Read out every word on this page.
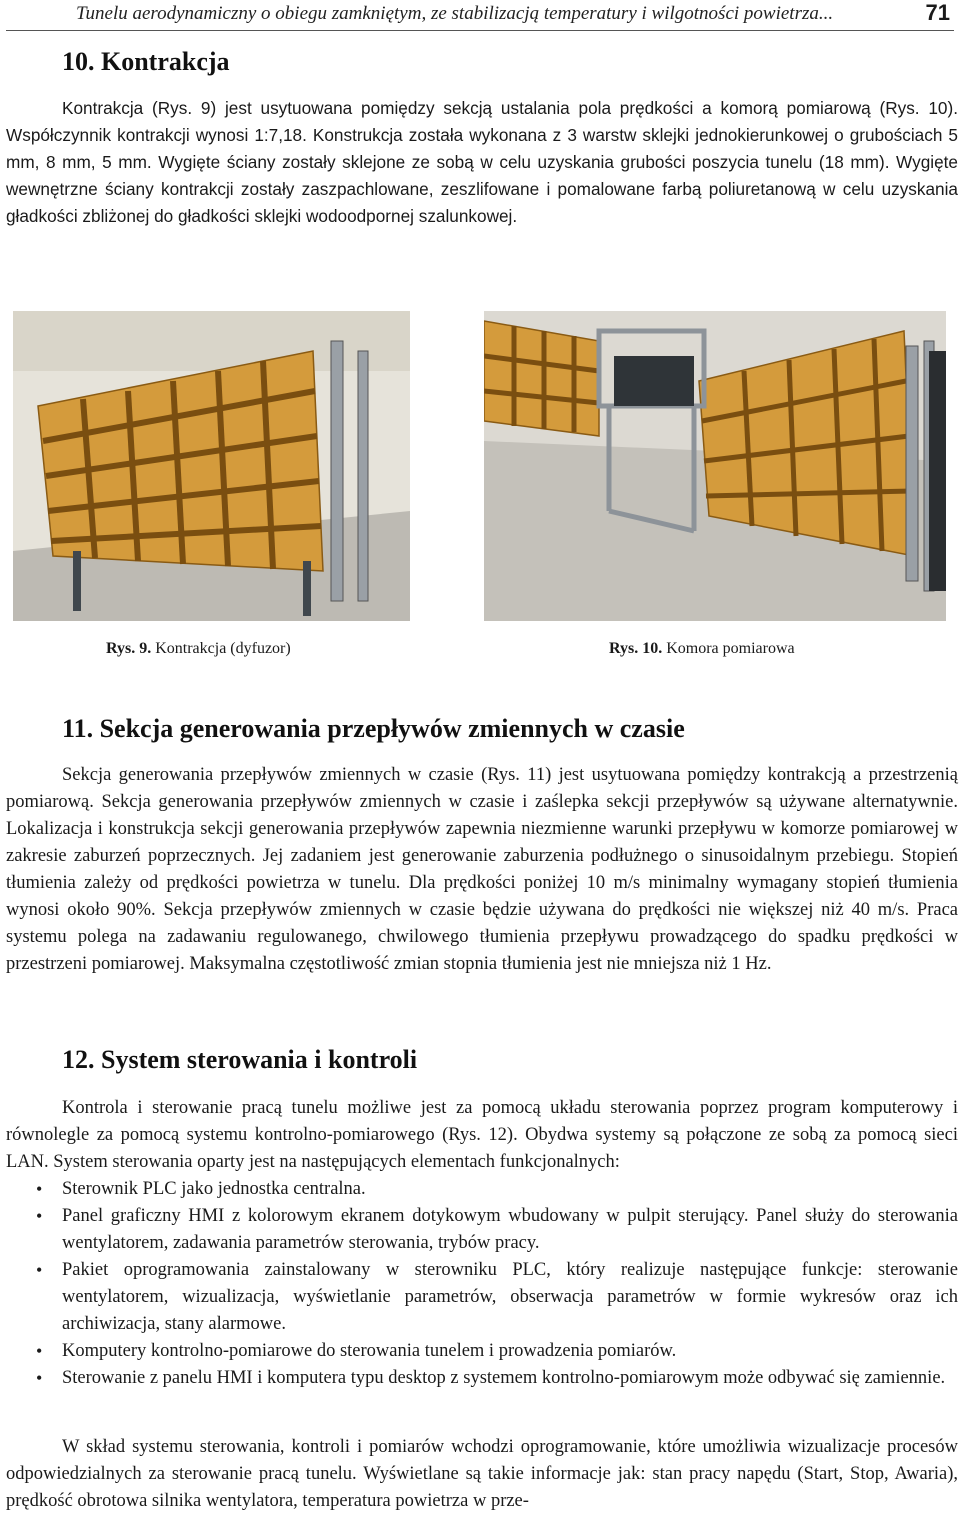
Tunelu aerodynamiczny o obiegu zamkniętym, ze stabilizacją temperatury i wilgotności powietrza...	71
10. Kontrakcja

Kontrakcja (Rys. 9) jest usytuowana pomiędzy sekcją ustalania pola prędkości a komorą pomiarową (Rys. 10). Współczynnik kontrakcji wynosi 1:7,18. Konstrukcja została wykonana z 3 warstw sklejki jednokierunkowej o grubościach 5 mm, 8 mm, 5 mm. Wygięte ściany zostały sklejone ze sobą w celu uzyskania grubości poszycia tunelu (18 mm). Wygięte wewnętrzne ściany kontrakcji zostały zaszpachlowane, zeszlifowane i pomalowane farbą poliuretanową w celu uzyskania gładkości zbliżonej do gładkości sklejki wodoodpornej szalunkowej.

Rys. 9. Kontrakcja (dyfuzor)	Rys. 10. Komora pomiarowa
11. Sekcja generowania przepływów zmiennych w czasie

Sekcja generowania przepływów zmiennych w czasie (Rys. 11) jest usytuowana pomiędzy kontrakcją a przestrzenią pomiarową. Sekcja generowania przepływów zmiennych w czasie i zaślepka sekcji przepływów są używane alternatywnie. Lokalizacja i konstrukcja sekcji generowania przepływów zapewnia niezmienne warunki przepływu w komorze pomiarowej w zakresie zaburzeń poprzecznych. Jej zadaniem jest generowanie zaburzenia podłużnego o sinusoidalnym przebiegu. Stopień tłumienia zależy od prędkości powietrza w tunelu. Dla prędkości poniżej 10 m/s minimalny wymagany stopień tłumienia wynosi około 90%. Sekcja przepływów zmiennych w czasie będzie używana do prędkości nie większej niż 40 m/s. Praca systemu polega na zadawaniu regulowanego, chwilowego tłumienia przepływu prowadzącego do spadku prędkości w przestrzeni pomiarowej. Maksymalna częstotliwość zmian stopnia tłumienia jest nie mniejsza niż 1 Hz.

12. System sterowania i kontroli

Kontrola i sterowanie pracą tunelu możliwe jest za pomocą układu sterowania poprzez program komputerowy i równolegle za pomocą systemu kontrolno-pomiarowego (Rys. 12). Obydwa systemy są połączone ze sobą za pomocą sieci LAN. System sterowania oparty jest na następujących elementach funkcjonalnych:

• Sterownik PLC jako jednostka centralna.
• Panel graficzny HMI z kolorowym ekranem dotykowym wbudowany w pulpit sterujący. Panel służy do sterowania wentylatorem, zadawania parametrów sterowania, trybów pracy.
• Pakiet oprogramowania zainstalowany w sterowniku PLC, który realizuje następujące funkcje: sterowanie wentylatorem, wizualizacja, wyświetlanie parametrów, obserwacja parametrów w formie wykresów oraz ich archiwizacja, stany alarmowe.
• Komputery kontrolno-pomiarowe do sterowania tunelem i prowadzenia pomiarów.
• Sterowanie z panelu HMI i komputera typu desktop z systemem kontrolno-pomiarowym może odbywać się zamiennie.

W skład systemu sterowania, kontroli i pomiarów wchodzi oprogramowanie, które umożliwia wizualizacje procesów odpowiedzialnych za sterowanie pracą tunelu. Wyświetlane są takie informacje jak: stan pracy napędu (Start, Stop, Awaria), prędkość obrotowa silnika wentylatora, temperatura powietrza w prze-
